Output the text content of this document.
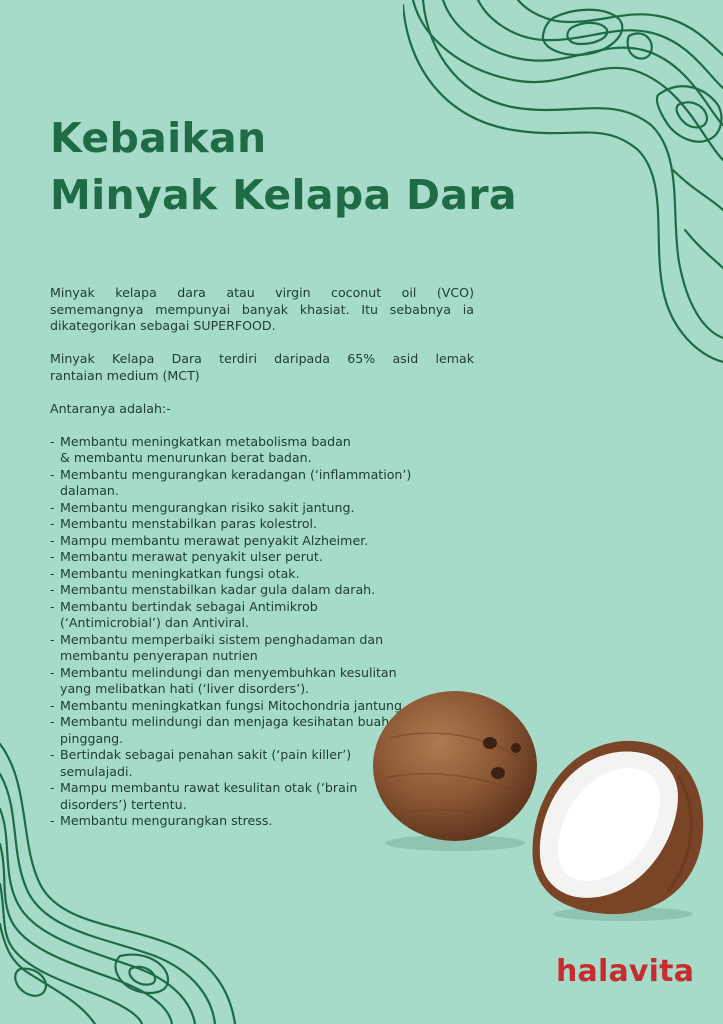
Kebaikan
Minyak Kelapa Dara

Minyak kelapa dara atau virgin coconut oil (VCO)

sememangnya mempunyai banyak khasiat. Itu sebabnya ia

dikategorikan sebagai SUPERFOOD.

Minyak Kelapa Dara terdiri daripada 65% asid lemak

rantaian medium (MCT)

Antaranya adalah:-

- Membantu meningkatkan metabolisma badan
& membantu menurunkan berat badan.
- Membantu mengurangkan keradangan (‘inflammation’)
dalaman.
- Membantu mengurangkan risiko sakit jantung.
- Membantu menstabilkan paras kolestrol.
- Mampu membantu merawat penyakit Alzheimer.
- Membantu merawat penyakit ulser perut.
- Membantu meningkatkan fungsi otak.
- Membantu menstabilkan kadar gula dalam darah.
- Membantu bertindak sebagai Antimikrob
(‘Antimicrobial’) dan Antiviral.
- Membantu memperbaiki sistem penghadaman dan
membantu penyerapan nutrien
- Membantu melindungi dan menyembuhkan kesulitan
yang melibatkan hati (‘liver disorders’).
- Membantu meningkatkan fungsi Mitochondria jantung.
- Membantu melindungi dan menjaga kesihatan buah
pinggang.
- Bertindak sebagai penahan sakit (‘pain killer’)
semulajadi.
- Mampu membantu rawat kesulitan otak (‘brain
disorders’) tertentu.
- Membantu mengurangkan stress.
halavita
